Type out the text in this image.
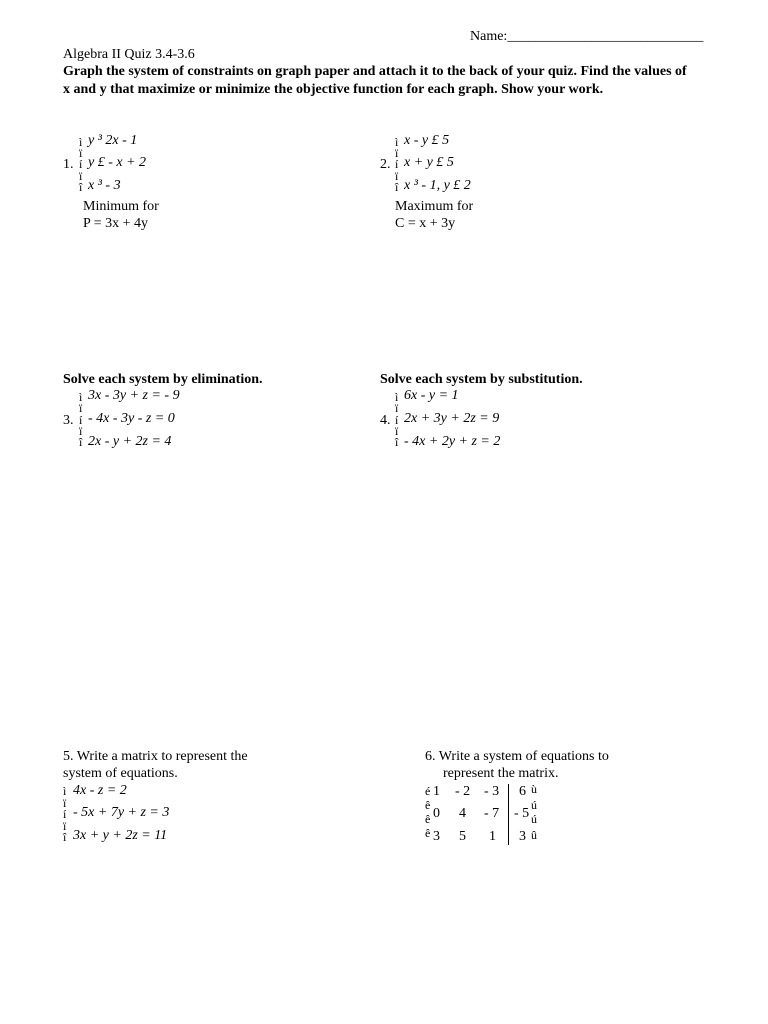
Name:____________________________
Algebra II Quiz 3.4-3.6
Graph the system of constraints on graph paper and attach it to the back of your quiz. Find the values of x and y that maximize or minimize the objective function for each graph. Show your work.
1.
ì
ï
í
ï
î
y ³ 2x - 1
y £ - x + 2
x ³ - 3
Minimum for
P = 3x + 4y
2.
ì
ï
í
ï
î
x - y £ 5
x + y £ 5
x ³ - 1, y £ 2
Maximum for
C = x + 3y
Solve each system by elimination.	Solve each system by substitution.
3.
ì
ï
í
ï
î
3x - 3y + z = - 9
- 4x - 3y - z = 0
2x - y + 2z = 4
4.
ì
ï
í
ï
î
6x - y = 1
2x + 3y + 2z = 9
- 4x + 2y + z = 2
5. Write a matrix to represent the
system of equations.
ì
ï
í
ï
î
4x - z = 2
- 5x + 7y + z = 3
3x + y + 2z = 11
6. Write a system of equations to
represent the matrix.
é
ê
ê
ê
1 - 2 - 3 6
0 4 - 7 - 5
3 5 1 3
ù
ú
ú
û
